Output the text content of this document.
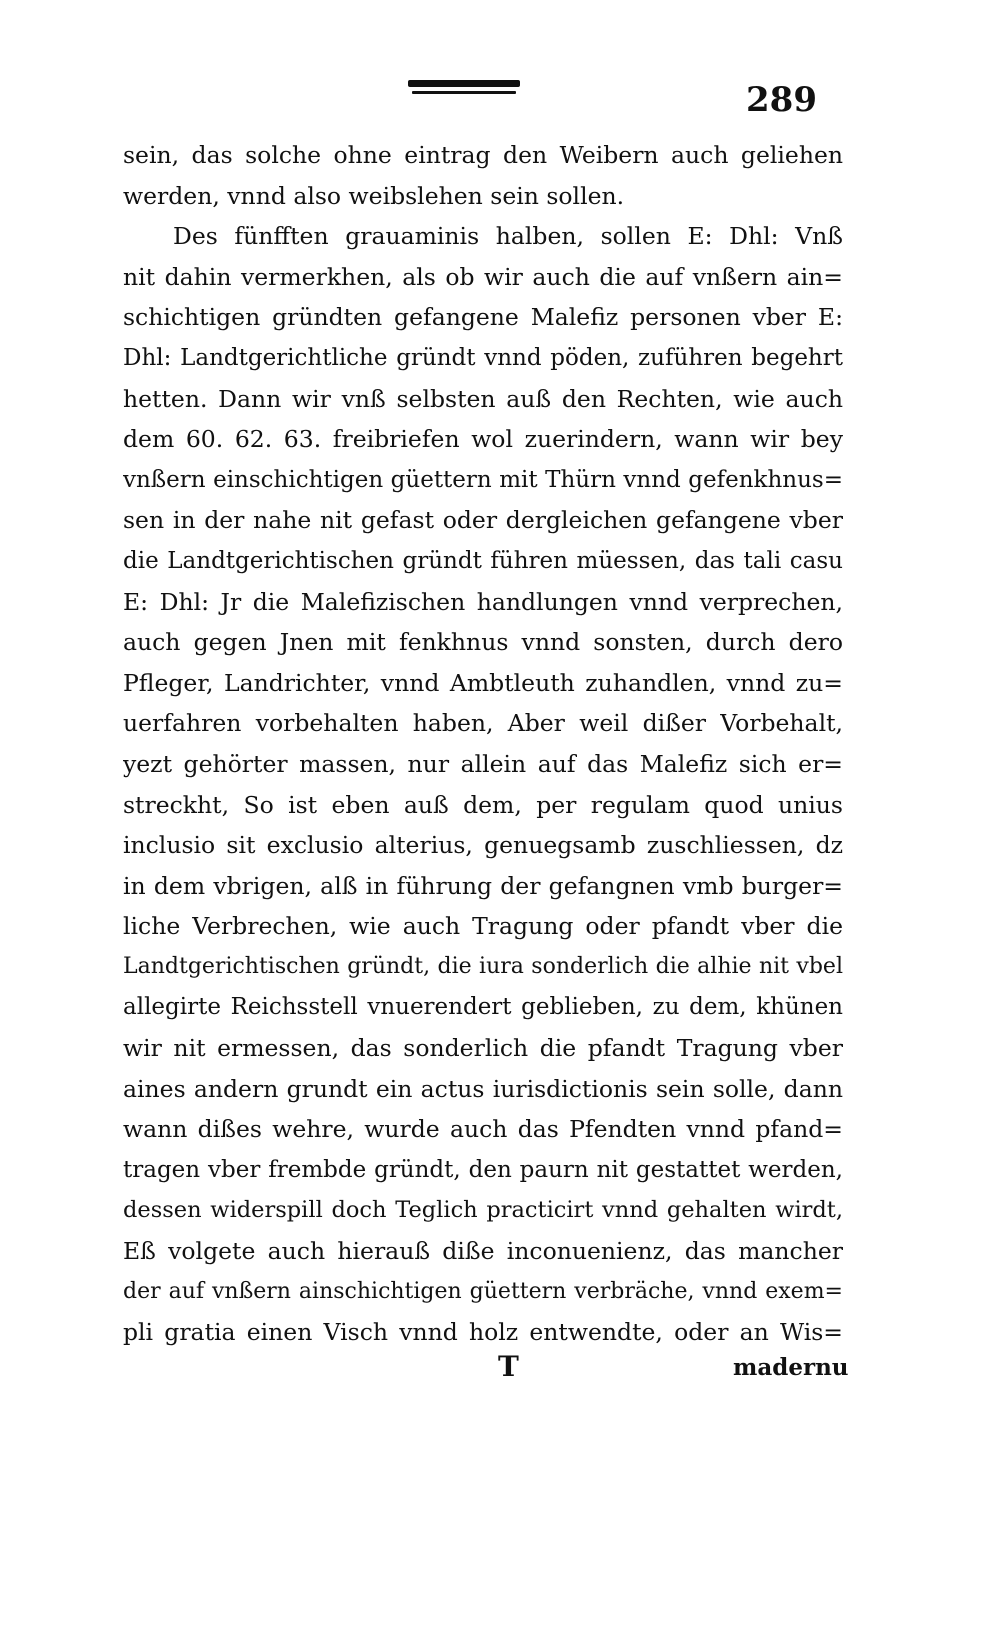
289
sein, das solche ohne eintrag den Weibern auch geliehen
werden, vnnd also weibslehen sein sollen.
Des fünfften grauaminis halben, sollen E: Dhl: Vnß
nit dahin vermerkhen, als ob wir auch die auf vnßern ain=
schichtigen gründten gefangene Malefiz personen vber E:
Dhl: Landtgerichtliche gründt vnnd pöden, zuführen begehrt
hetten. Dann wir vnß selbsten auß den Rechten, wie auch
dem 60. 62. 63. freibriefen wol zuerindern, wann wir bey
vnßern einschichtigen güettern mit Thürn vnnd gefenkhnus=
sen in der nahe nit gefast oder dergleichen gefangene vber
die Landtgerichtischen gründt führen müessen, das tali casu
E: Dhl: Jr die Malefizischen handlungen vnnd verprechen,
auch gegen Jnen mit fenkhnus vnnd sonsten, durch dero
Pfleger, Landrichter, vnnd Ambtleuth zuhandlen, vnnd zu=
uerfahren vorbehalten haben, Aber weil dißer Vorbehalt,
yezt gehörter massen, nur allein auf das Malefiz sich er=
streckht, So ist eben auß dem, per regulam quod unius
inclusio sit exclusio alterius, genuegsamb zuschliessen, dz
in dem vbrigen, alß in führung der gefangnen vmb burger=
liche Verbrechen, wie auch Tragung oder pfandt vber die
Landtgerichtischen gründt, die iura sonderlich die alhie nit vbel
allegirte Reichsstell vnuerendert geblieben, zu dem, khünen
wir nit ermessen, das sonderlich die pfandt Tragung vber
aines andern grundt ein actus iurisdictionis sein solle, dann
wann dißes wehre, wurde auch das Pfendten vnnd pfand=
tragen vber frembde gründt, den paurn nit gestattet werden,
dessen widerspill doch Teglich practicirt vnnd gehalten wirdt,
Eß volgete auch hierauß diße inconuenienz, das mancher
der auf vnßern ainschichtigen güettern verbräche, vnnd exem=
pli gratia einen Visch vnnd holz entwendte, oder an Wis=
T	madernu
